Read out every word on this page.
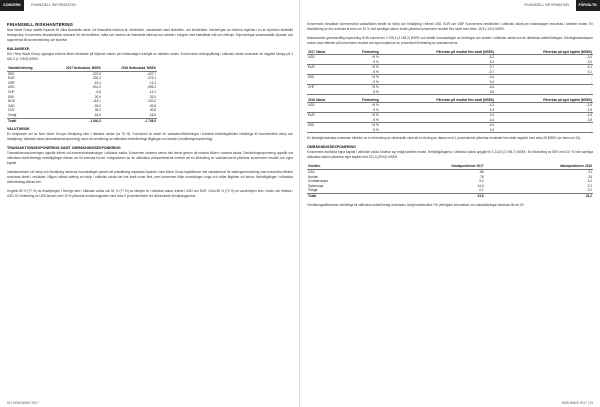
KONCERN	FINANSIELL INFORMATION
FINANSIELL RISKHANTERING

New Wave Group utsätts löpande för olika finansiella risker. De finansiella riskerna är: ränterisker, valutarisker samt likviditets- och kreditrisker. Hanteringen av riskerna regleras i en av styrelsen fastställd finanspolicy. Koncernens finansfunktion ansvarar för att identifiera, mäta och hantera de finansiella riskerna och arbetar i enlighet med fastställda mål och riktlinjer. Exponeringar sammanställs löpande och rapporteras till koncernledning och styrelse.

BALANSEXP.

Det i New Wave Group upptagna externa lånen fördelade på följande valutor per balansdagen framgår av tabellen nedan. Koncernens nettoupplåning i utländsk valuta motsvarar ett negativt belopp på 1 640,3 (1 748,9) MSEK.

Valutafördelning	2017 Nettoskuld, MSEK	2016 Nettoskuld, MSEK
SEK	-207,5	-437,7
EUR	-332,2	-379,1
GBP	-15,4	-13,1
USD	-931,3	-905,3
CHF	-5,8	-13,1
DKK	20,9	32,0
NOK	-114,1	-120,2
CAD	-33,9	-33,8
CNY	39,2	40,8
Övrigt	-16,0	-16,6
Totalt	-1 640,3	-1 748,9
VALUTARISK

En betydande del av New Wave Groups försäljning sker i utländsk valuta (ca 76 %). Koncernen är utsatt för valutakursförändringar i framtida betalningsflöden hänförliga till kommersiella inköp och försäljning i utländsk valuta (transaktionsexponering) samt vid omräkning av utländska dotterföretags tillgångar och skulder (omräkningsexponering).

TRANSAKTIONSEXPONERING SAMT OMRÄKNINGSEXPONERING

Transaktionsexponeringen uppstår främst vid leverantörsbetalningar i utländsk valuta. Koncernen hanterar denna risk delvis genom att matcha flöden i samma valuta. Omräkningsexponering uppstår när utländska dotterföretags nettotillgångar räknas om till svenska kronor. Integrationen av de utländska verksamheterna innebär att en förändring av valutakurserna påverkar koncernens resultat och egna kapital.

Valutakursrisker vid inköp och försäljning hanteras huvudsakligen genom att prissättning anpassas löpande. New Wave Group kapitaliserar inte valutaderivat för säkringsredovisning utan eventuella effekter redovisas direkt i resultatet. Någon utökad säkring av inköp i utländsk valuta har inte skett under året, men koncernen följer utvecklingen noga och vidtar åtgärder vid behov. Nettotillgångar i utländska dotterföretag säkras inte.

Ungefär 80 % (77 %) av försäljningen i Sverige sker i utländsk valuta och 81 % (77 %) av inköpen är i utländsk valuta, främst i USD och EUR. Cirka 65 % (70 %) av varuinköpen sker i Asien och betalas i USD. En förändring av USD-kursen med 10 % påverkar bruttomarginalen med cirka 2 procentenheter vid oförändrade försäljningspriser.

92 | NEW WAVE 2017
FINANSIELL INFORMATION	FÖRVALTN.

Koncernens förvaltade kommersiella valutaflöden består av inköp och försäljning i främst USD, EUR och GBP. Koncernens nettoflöden i utländsk valuta per balansdagen redovisas i tabellen nedan. En förstärkning av den svenska kronan om 10 % mot samtliga valutor skulle påverka koncernens resultat före skatt med cirka -15,8 (-19,0) MSEK.

Motsvarande genomsnittlig exponering är för koncernen 4 726,4 (4 158,2) MSEK och består huvudsakligen av fordringar och skulder i utländsk valuta hos de utländska dotterföretagen. Känslighetsanalysen nedan visar effekten på koncernens resultat och egna kapital av en procentuell förändring av valutakurserna.

2017 Valuta	Förändring	Påverkan på resultat före skatt (MSEK)	Påverkan på eget kapital (MSEK)
USD	+5 %	-5,2	-3,0
	-5 %	5,2	3,0
EUR	+5 %	0,7	-3,1
	-5 %	-0,7	3,1
DKK	+5 %	-0,4	-
	-5 %	0,4	-
CHF	+5 %	-0,6	-
	-5 %	0,6	-
2016 Valuta	Förändring	Påverkan på resultat före skatt (MSEK)	Påverkan på eget kapital (MSEK)
USD	+5 %	-4,3	-2,5
	-5 %	4,3	2,5
EUR	+5 %	0,4	-2,8
	-5 %	-0,4	2,8
DKK	+5 %	-0,4	-
	-5 %	0,4	-

En känslighetsanalys avseende effekten av en förändring av räntenivån visar att en ökning av räntan med 1 procentenhet påverkar resultatet före skatt negativt med cirka 26 MSEK (se även not 24).

OMRÄKNINGSEXPONERING

Koncernens bokförda egna kapital i utländsk valuta fördelar sig enligt tabellen nedan. Nettotillgångarna i utländsk valuta uppgår till 3 212,8 (3 095,7) MSEK. En förändring av SEK med 10 % mot samtliga utländska valutor påverkar eget kapital med 321,3 (309,6) MSEK.

Omräkn.	Valutapositioner 2017	Valutapositioner 2016
USA	-66	-21
Norden	-76	-34
Centraleuropa	9,2	4,2
Sydeuropa	14,9	2,2
Övriga	0,1	0,0
Totalt	23,8	24,2

Omräkningsdifferenser hänförliga till utländska dotterföretag redovisas i övrigt totalresultat. För ytterligare information om valutasäkringar hänvisas till not 29.

NEW WAVE 2017 | 93
